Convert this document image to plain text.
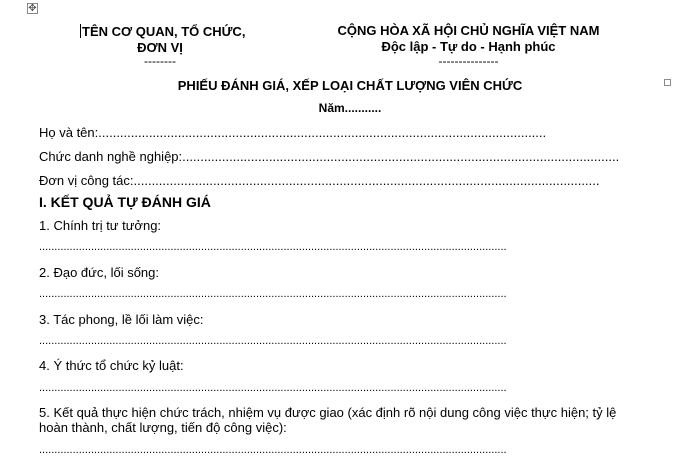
✥
TÊN CƠ QUAN, TỔ CHỨC,
ĐƠN VỊ
--------
CỘNG HÒA XÃ HỘI CHỦ NGHĨA VIỆT NAM
Độc lập - Tự do - Hạnh phúc
---------------
PHIẾU ĐÁNH GIÁ, XẾP LOẠI CHẤT LƯỢNG VIÊN CHỨC
Năm...........
Họ và tên:............................................................................................................................
Chức danh nghề nghiệp:.........................................................................................................................
Đơn vị công tác:.................................................................................................................................
I. KẾT QUẢ TỰ ĐÁNH GIÁ
1. Chính trị tư tưởng:
.........................................................................................................................................................
2. Đạo đức, lối sống:
.........................................................................................................................................................
3. Tác phong, lề lối làm việc:
.........................................................................................................................................................
4. Ý thức tổ chức kỷ luật:
.........................................................................................................................................................
5. Kết quả thực hiện chức trách, nhiệm vụ được giao (xác định rõ nội dung công việc thực hiện; tỷ lệ
hoàn thành, chất lượng, tiến độ công việc):
.........................................................................................................................................................
